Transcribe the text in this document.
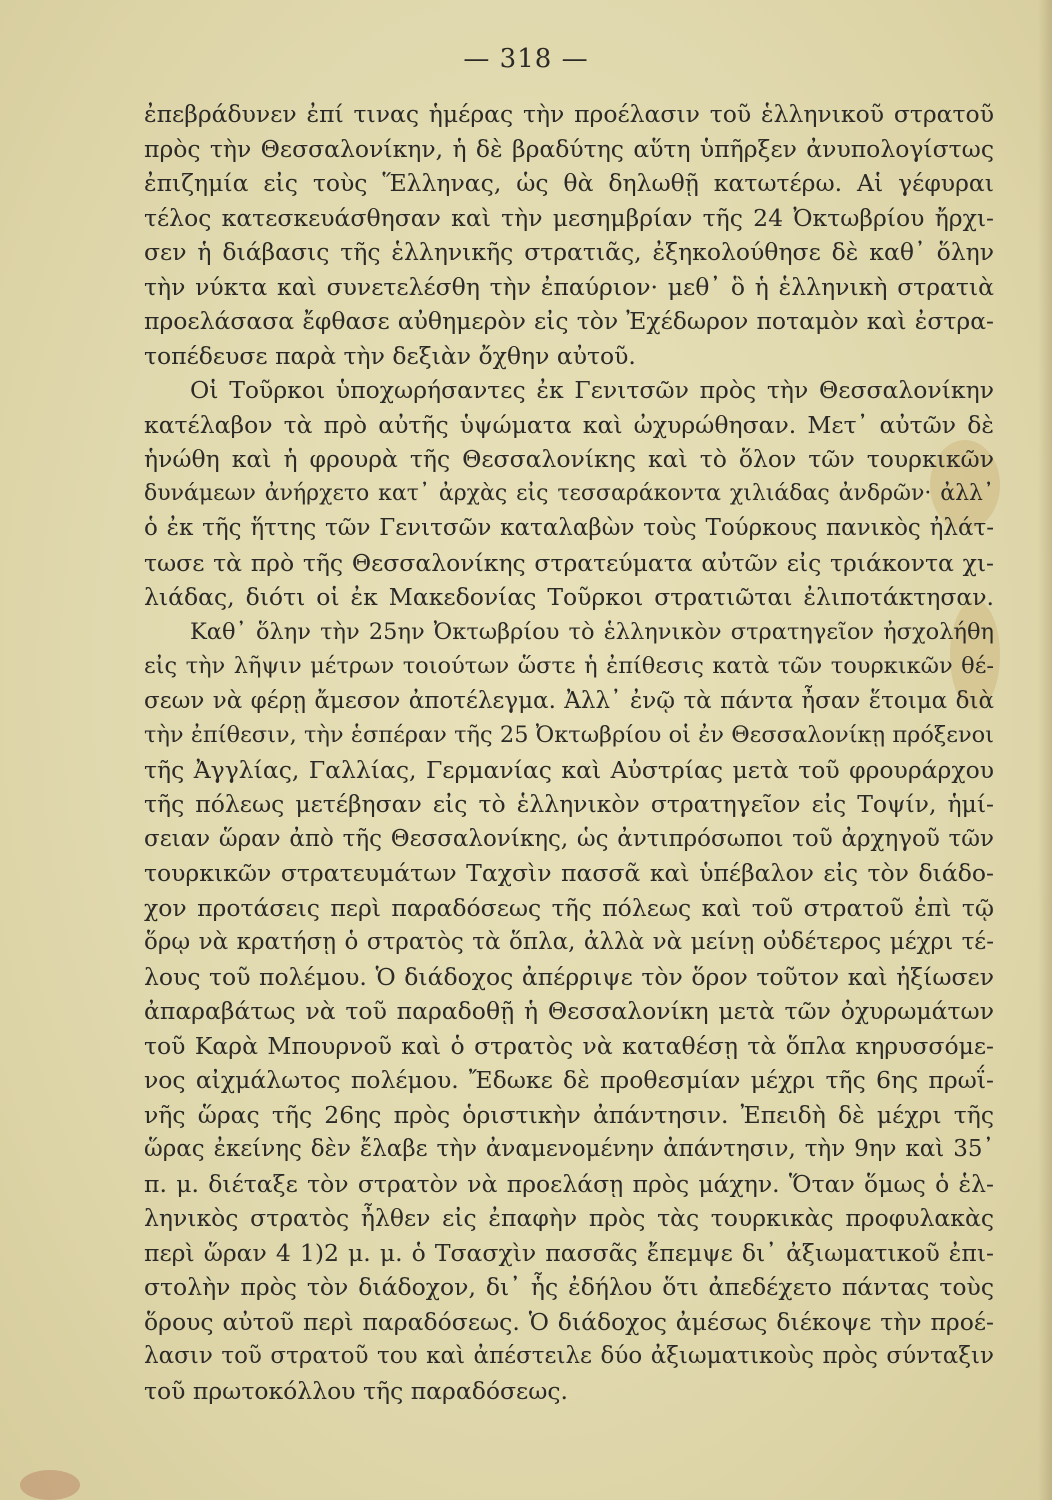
— 318 —
ἐπεβράδυνεν ἐπί τινας ἡμέρας τὴν προέλασιν τοῦ ἑλληνικοῦ στρατοῦ
πρὸς τὴν Θεσσαλονίκην, ἡ δὲ βραδύτης αὕτη ὑπῆρξεν ἀνυπολογίστως
ἐπιζημία εἰς τοὺς Ἕλληνας, ὡς θὰ δηλωθῇ κατωτέρω. Αἱ γέφυραι
τέλος κατεσκευάσθησαν καὶ τὴν μεσημβρίαν τῆς 24 Ὀκτωβρίου ἤρχι-
σεν ἡ διάβασις τῆς ἑλληνικῆς στρατιᾶς, ἐξηκολούθησε δὲ καθ᾽ ὅλην
τὴν νύκτα καὶ συνετελέσθη τὴν ἐπαύριον· μεθ᾽ ὃ ἡ ἑλληνικὴ στρατιὰ
προελάσασα ἔφθασε αὐθημερὸν εἰς τὸν Ἐχέδωρον ποταμὸν καὶ ἐστρα-
τοπέδευσε παρὰ τὴν δεξιὰν ὄχθην αὐτοῦ.
Οἱ Τοῦρκοι ὑποχωρήσαντες ἐκ Γενιτσῶν πρὸς τὴν Θεσσαλονίκην
κατέλαβον τὰ πρὸ αὐτῆς ὑψώματα καὶ ὠχυρώθησαν. Μετ᾽ αὐτῶν δὲ
ἡνώθη καὶ ἡ φρουρὰ τῆς Θεσσαλονίκης καὶ τὸ ὅλον τῶν τουρκικῶν
δυνάμεων ἀνήρχετο κατ᾽ ἀρχὰς εἰς τεσσαράκοντα χιλιάδας ἀνδρῶν· ἀλλ᾽
ὁ ἐκ τῆς ἥττης τῶν Γενιτσῶν καταλαβὼν τοὺς Τούρκους πανικὸς ἠλάτ-
τωσε τὰ πρὸ τῆς Θεσσαλονίκης στρατεύματα αὐτῶν εἰς τριάκοντα χι-
λιάδας, διότι οἱ ἐκ Μακεδονίας Τοῦρκοι στρατιῶται ἐλιποτάκτησαν.
Καθ᾽ ὅλην τὴν 25ην Ὀκτωβρίου τὸ ἑλληνικὸν στρατηγεῖον ἠσχολήθη
εἰς τὴν λῆψιν μέτρων τοιούτων ὥστε ἡ ἐπίθεσις κατὰ τῶν τουρκικῶν θέ-
σεων νὰ φέρῃ ἄμεσον ἀποτέλεγμα. Ἀλλ᾽ ἐνῷ τὰ πάντα ἦσαν ἕτοιμα διὰ
τὴν ἐπίθεσιν, τὴν ἑσπέραν τῆς 25 Ὀκτωβρίου οἱ ἐν Θεσσαλονίκῃ πρόξενοι
τῆς Ἀγγλίας, Γαλλίας, Γερμανίας καὶ Αὐστρίας μετὰ τοῦ φρουράρχου
τῆς πόλεως μετέβησαν εἰς τὸ ἑλληνικὸν στρατηγεῖον εἰς Τοψίν, ἡμί-
σειαν ὥραν ἀπὸ τῆς Θεσσαλονίκης, ὡς ἀντιπρόσωποι τοῦ ἀρχηγοῦ τῶν
τουρκικῶν στρατευμάτων Ταχσὶν πασσᾶ καὶ ὑπέβαλον εἰς τὸν διάδο-
χον προτάσεις περὶ παραδόσεως τῆς πόλεως καὶ τοῦ στρατοῦ ἐπὶ τῷ
ὅρῳ νὰ κρατήσῃ ὁ στρατὸς τὰ ὅπλα, ἀλλὰ νὰ μείνῃ οὐδέτερος μέχρι τέ-
λους τοῦ πολέμου. Ὁ διάδοχος ἀπέρριψε τὸν ὅρον τοῦτον καὶ ἠξίωσεν
ἀπαραβάτως νὰ τοῦ παραδοθῇ ἡ Θεσσαλονίκη μετὰ τῶν ὀχυρωμάτων
τοῦ Καρὰ Μπουρνοῦ καὶ ὁ στρατὸς νὰ καταθέσῃ τὰ ὅπλα κηρυσσόμε-
νος αἰχμάλωτος πολέμου. Ἔδωκε δὲ προθεσμίαν μέχρι τῆς 6ης πρωΐ-
νῆς ὥρας τῆς 26ης πρὸς ὁριστικὴν ἀπάντησιν. Ἐπειδὴ δὲ μέχρι τῆς
ὥρας ἐκείνης δὲν ἔλαβε τὴν ἀναμενομένην ἀπάντησιν, τὴν 9ην καὶ 35᾽
π. μ. διέταξε τὸν στρατὸν νὰ προελάσῃ πρὸς μάχην. Ὅταν ὅμως ὁ ἑλ-
ληνικὸς στρατὸς ἦλθεν εἰς ἐπαφὴν πρὸς τὰς τουρκικὰς προφυλακὰς
περὶ ὥραν 4 1)2 μ. μ. ὁ Τσασχὶν πασσᾶς ἔπεμψε δι᾽ ἀξιωματικοῦ ἐπι-
στολὴν πρὸς τὸν διάδοχον, δι᾽ ἧς ἐδήλου ὅτι ἀπεδέχετο πάντας τοὺς
ὅρους αὐτοῦ περὶ παραδόσεως. Ὁ διάδοχος ἀμέσως διέκοψε τὴν προέ-
λασιν τοῦ στρατοῦ του καὶ ἀπέστειλε δύο ἀξιωματικοὺς πρὸς σύνταξιν
τοῦ πρωτοκόλλου τῆς παραδόσεως.
